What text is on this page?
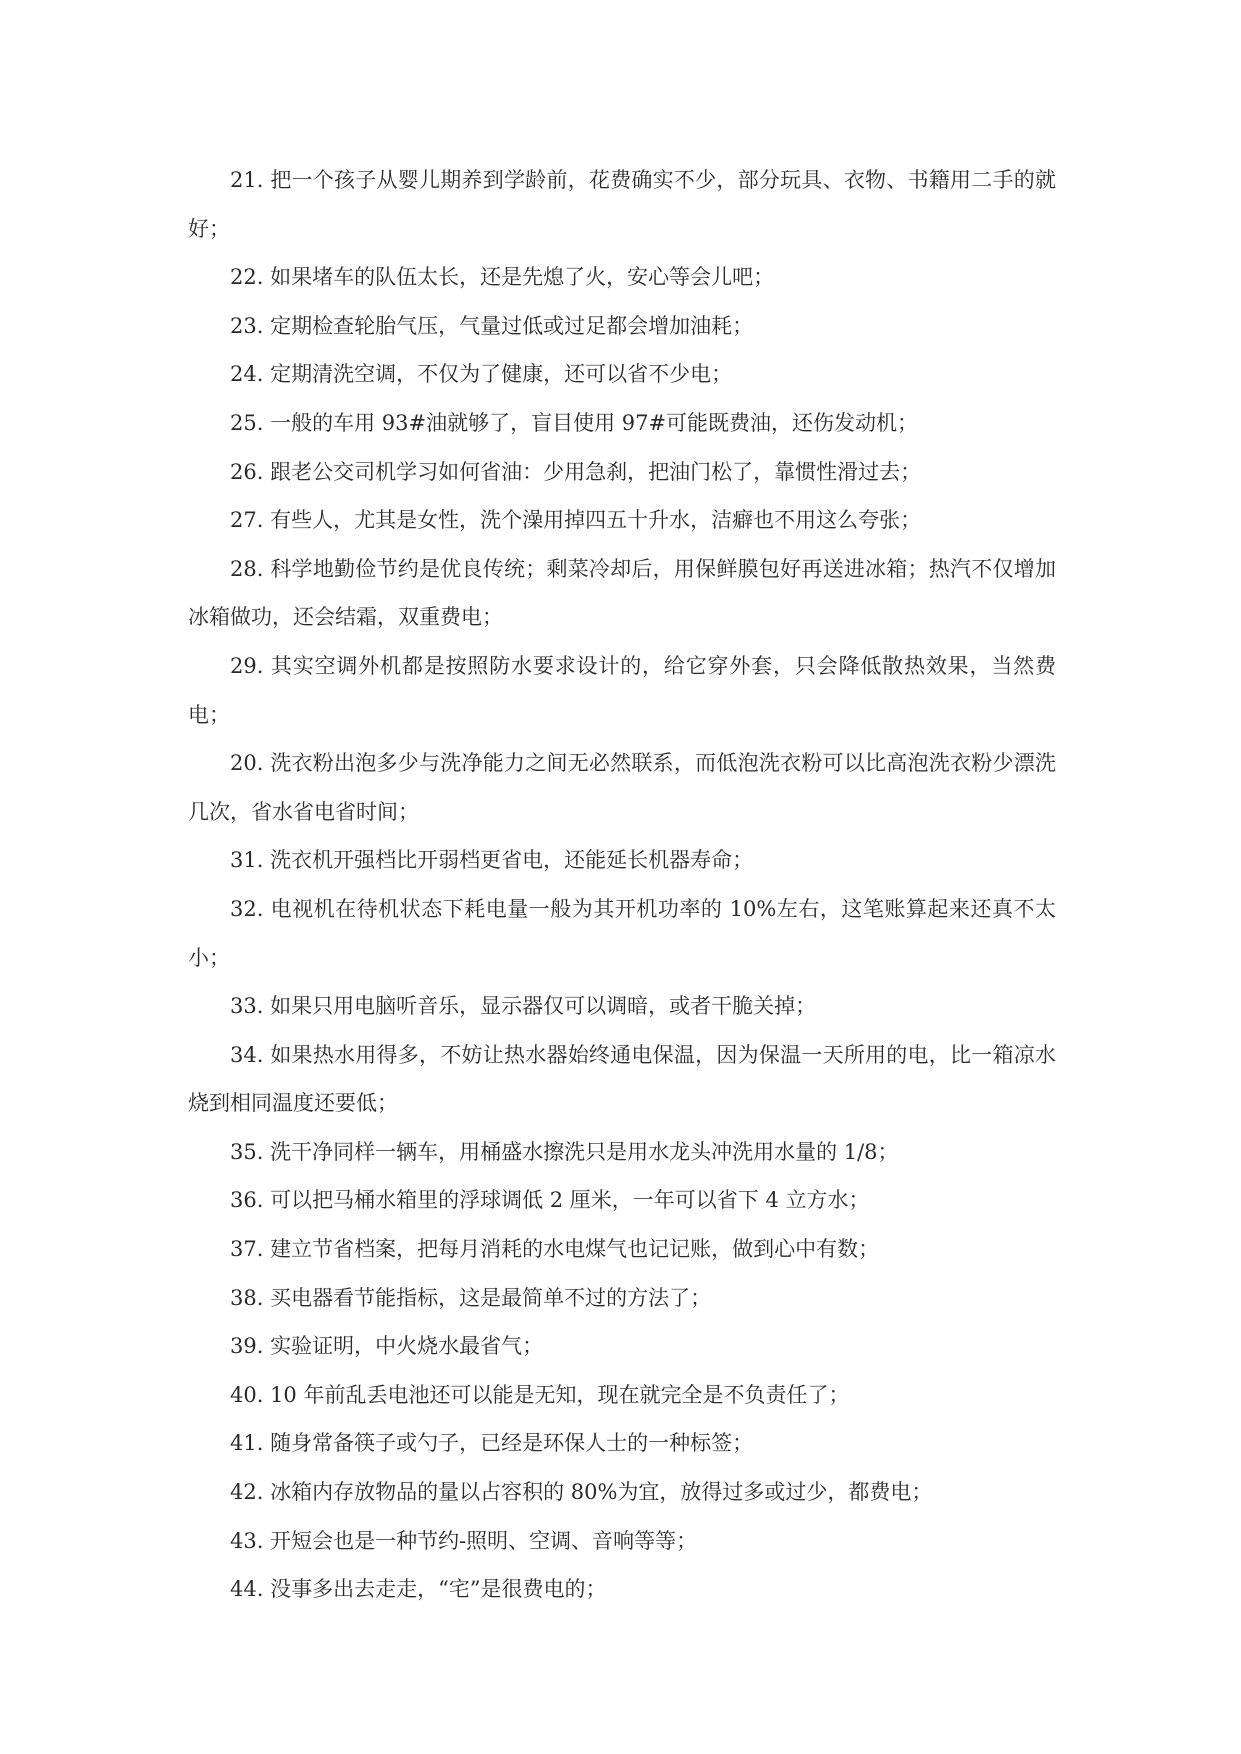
21. 把一个孩子从婴儿期养到学龄前，花费确实不少，部分玩具、衣物、书籍用二手的就好；

22. 如果堵车的队伍太长，还是先熄了火，安心等会儿吧；

23. 定期检查轮胎气压，气量过低或过足都会增加油耗；

24. 定期清洗空调，不仅为了健康，还可以省不少电；

25. 一般的车用 93#油就够了，盲目使用 97#可能既费油，还伤发动机；

26. 跟老公交司机学习如何省油：少用急刹，把油门松了，靠惯性滑过去；

27. 有些人，尤其是女性，洗个澡用掉四五十升水，洁癖也不用这么夸张；

28. 科学地勤俭节约是优良传统；剩菜冷却后，用保鲜膜包好再送进冰箱；热汽不仅增加冰箱做功，还会结霜，双重费电；

29. 其实空调外机都是按照防水要求设计的，给它穿外套，只会降低散热效果，当然费电；

20. 洗衣粉出泡多少与洗净能力之间无必然联系，而低泡洗衣粉可以比高泡洗衣粉少漂洗几次，省水省电省时间；

31. 洗衣机开强档比开弱档更省电，还能延长机器寿命；

32. 电视机在待机状态下耗电量一般为其开机功率的 10%左右，这笔账算起来还真不太小；

33. 如果只用电脑听音乐，显示器仅可以调暗，或者干脆关掉；

34. 如果热水用得多，不妨让热水器始终通电保温，因为保温一天所用的电，比一箱凉水烧到相同温度还要低；

35. 洗干净同样一辆车，用桶盛水擦洗只是用水龙头冲洗用水量的 1/8；

36. 可以把马桶水箱里的浮球调低 2 厘米，一年可以省下 4 立方水；

37. 建立节省档案，把每月消耗的水电煤气也记记账，做到心中有数；

38. 买电器看节能指标，这是最简单不过的方法了；

39. 实验证明，中火烧水最省气；

40. 10 年前乱丢电池还可以能是无知，现在就完全是不负责任了；

41. 随身常备筷子或勺子，已经是环保人士的一种标签；

42. 冰箱内存放物品的量以占容积的 80%为宜，放得过多或过少，都费电；

43. 开短会也是一种节约-照明、空调、音响等等；

44. 没事多出去走走，“宅”是很费电的；
